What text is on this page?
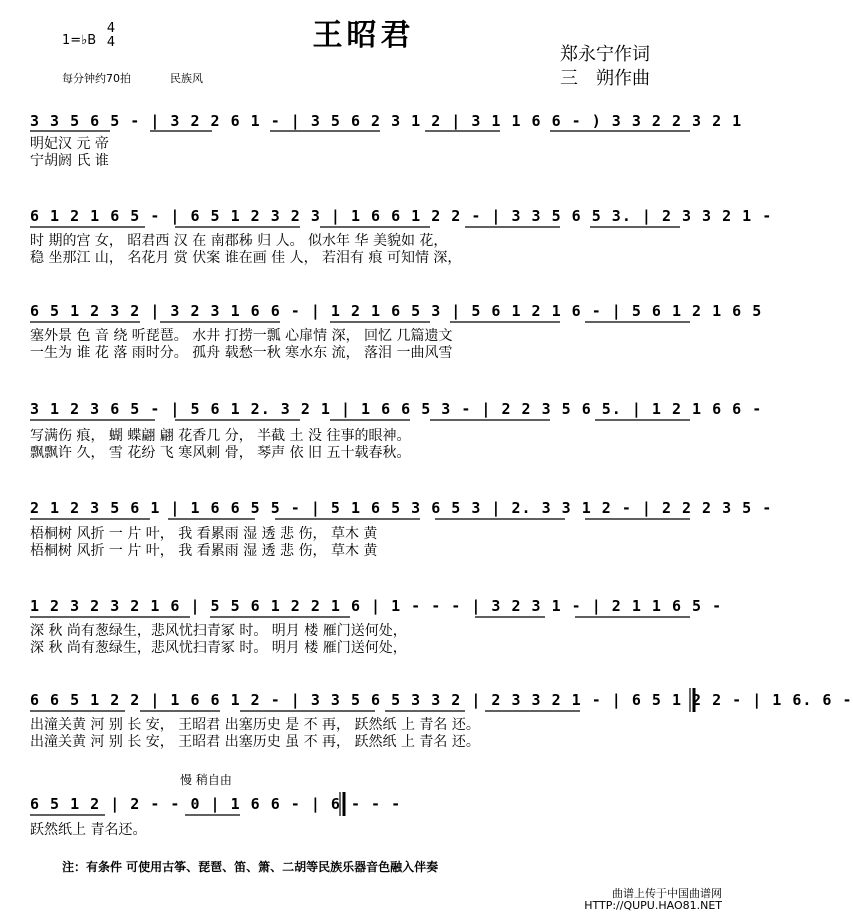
王昭君
1=♭B
4
4
每分钟约70拍	民族风
郑永宁作词
三　朔作曲
3 3 5 6 5 - | 3 2 2 6 1 - | 3 5 6 2 3 1 2 | 3 1 1 6 6 - ) 3 3 2 2 3 2 1
明妃汉 元 帝
宁胡阏 氏 谁
6 1 2 1 6 5 - | 6 5 1 2 3 2 3 | 1 6 6 1 2 2 - | 3 3 5 6 5 3. | 2 3 3 2 1 -
时 期的宫 女， 昭君西 汉 在 南郡秭 归 人。 似水年 华 美貌如 花，
稳 坐那江 山， 名花月 赏 伏案 谁在画 佳 人， 若泪有 痕 可知情 深，
6 5 1 2 3 2 | 3 2 3 1 6 6 - | 1 2 1 6 5 3 | 5 6 1 2 1 6 - | 5 6 1 2 1 6 5
塞外景 色 音 绕 听琵琶。 水井 打捞一瓢 心扉情 深， 回忆 几篇遗文
一生为 谁 花 落 雨时分。 孤舟 载愁一秋 寒水东 流， 落泪 一曲风雪
3 1 2 3 6 5 - | 5 6 1 2. 3 2 1 | 1 6 6 5 3 - | 2 2 3 5 6 5. | 1 2 1 6 6 -
写满伤 痕， 蝴 蝶翩 翩 花香几 分， 半截 土 没 往事的眼神。
飘飘许 久， 雪 花纷 飞 寒风刺 骨， 琴声 依 旧 五十载春秋。
2 1 2 3 5 6 1 | 1 6 6 5 5 - | 5 1 6 5 3 6 5 3 | 2. 3 3 1 2 - | 2 2 2 3 5 -
梧桐树 风折 一 片 叶， 我 看累雨 湿 透 悲 伤， 草木 黄
梧桐树 风折 一 片 叶， 我 看累雨 湿 透 悲 伤， 草木 黄
1 2 3 2 3 2 1 6 | 5 5 6 1 2 2 1 6 | 1 - - - | 3 2 3 1 - | 2 1 1 6 5 -
深 秋 尚有葱绿生，悲风忧扫青冢 时。 明月 楼 雁门送何处，
深 秋 尚有葱绿生，悲风忧扫青冢 时。 明月 楼 雁门送何处，
6 6 5 1 2 2 | 1 6 6 1 2 - | 3 3 5 6 5 3 3 2 | 2 3 3 2 1 - | 6 5 1 2 2 - | 1 6. 6 -
出潼关黄 河 别 长 安， 王昭君 出塞历史 是 不 再， 跃然纸 上 青名 还。
出潼关黄 河 别 长 安， 王昭君 出塞历史 虽 不 再， 跃然纸 上 青名 还。
慢 稍自由
6 5 1 2 | 2 - - 0 | 1 6 6 - | 6 - - -
跃然纸上 青名还。
注：有条件 可使用古筝、琵琶、笛、箫、二胡等民族乐器音色融入伴奏
曲谱上传于中国曲谱网
HTTP://QUPU.HAO81.NET
